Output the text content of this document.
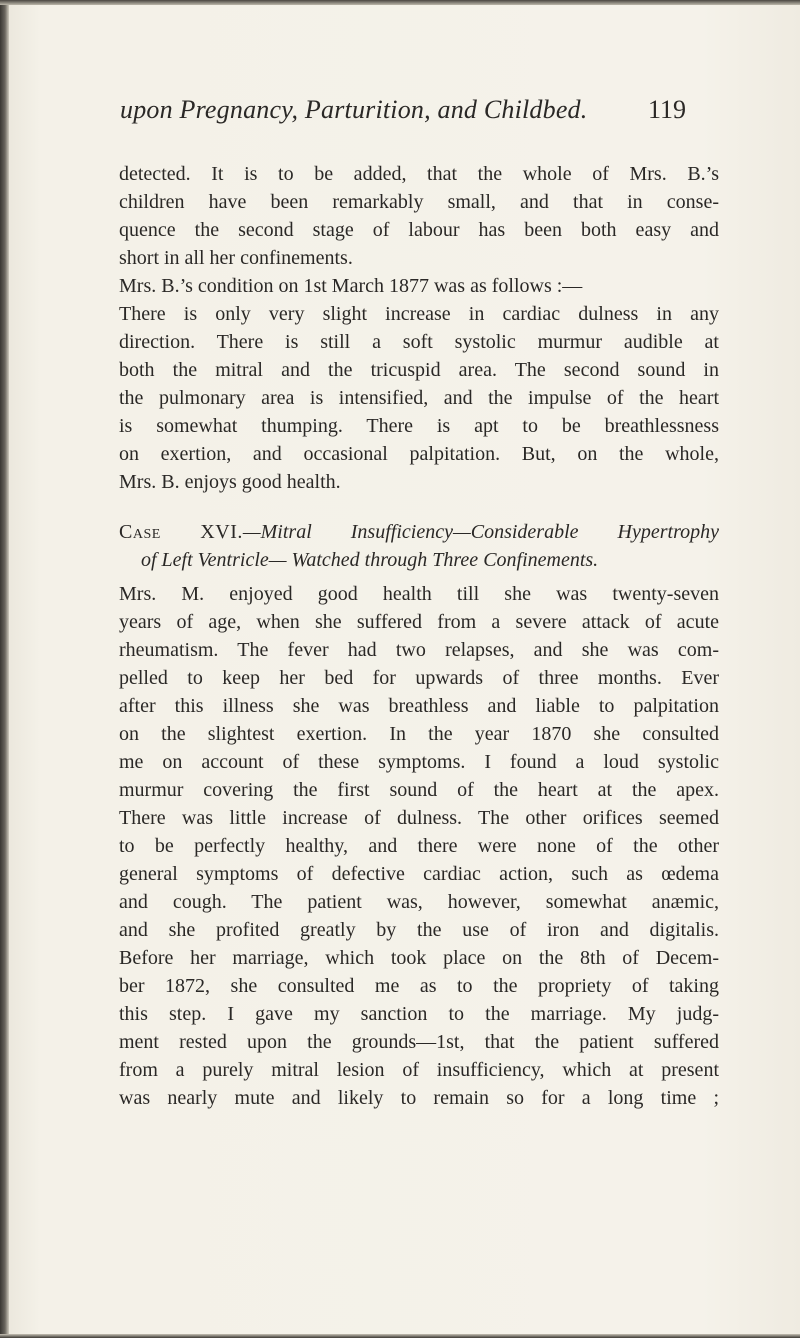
upon Pregnancy, Parturition, and Childbed. 119
detected. It is to be added, that the whole of Mrs. B.’s
children have been remarkably small, and that in conse-
quence the second stage of labour has been both easy and
short in all her confinements.
Mrs. B.’s condition on 1st March 1877 was as follows :—
There is only very slight increase in cardiac dulness in any
direction. There is still a soft systolic murmur audible at
both the mitral and the tricuspid area. The second sound in
the pulmonary area is intensified, and the impulse of the heart
is somewhat thumping. There is apt to be breathlessness
on exertion, and occasional palpitation. But, on the whole,
Mrs. B. enjoys good health.
Case XVI.—Mitral Insufficiency—Considerable Hypertrophy
of Left Ventricle— Watched through Three Confinements.
Mrs. M. enjoyed good health till she was twenty-seven
years of age, when she suffered from a severe attack of acute
rheumatism. The fever had two relapses, and she was com-
pelled to keep her bed for upwards of three months. Ever
after this illness she was breathless and liable to palpitation
on the slightest exertion. In the year 1870 she consulted
me on account of these symptoms. I found a loud systolic
murmur covering the first sound of the heart at the apex.
There was little increase of dulness. The other orifices seemed
to be perfectly healthy, and there were none of the other
general symptoms of defective cardiac action, such as œdema
and cough. The patient was, however, somewhat anæmic,
and she profited greatly by the use of iron and digitalis.
Before her marriage, which took place on the 8th of Decem-
ber 1872, she consulted me as to the propriety of taking
this step. I gave my sanction to the marriage. My judg-
ment rested upon the grounds—1st, that the patient suffered
from a purely mitral lesion of insufficiency, which at present
was nearly mute and likely to remain so for a long time ;
